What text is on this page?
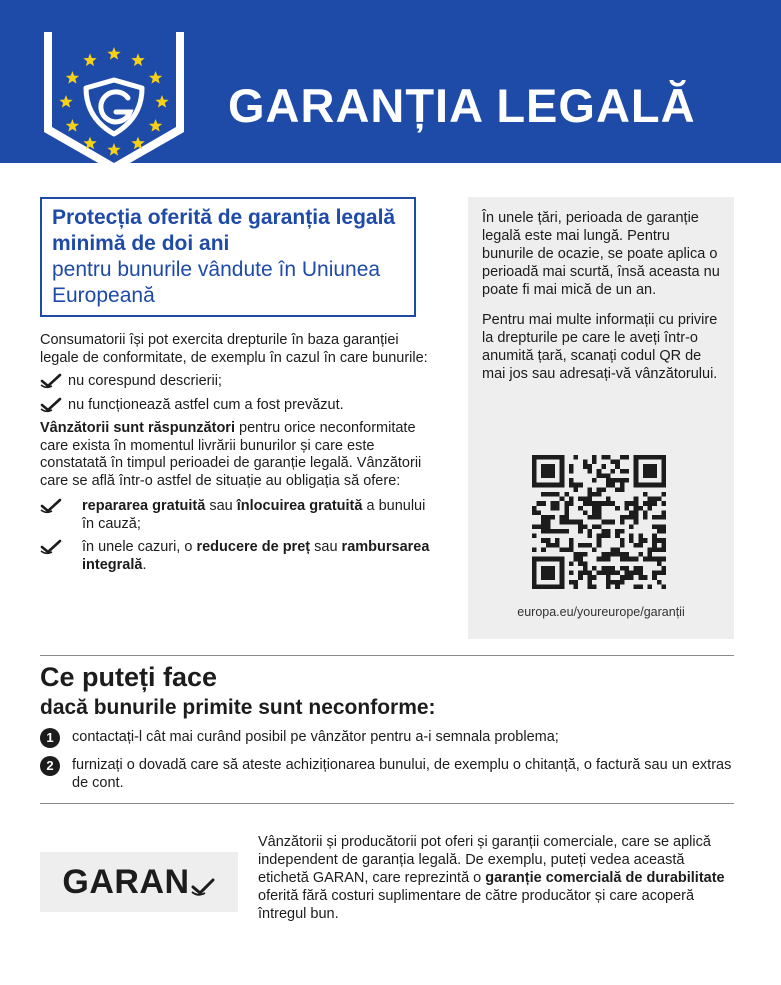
GARANȚIA LEGALĂ
Protecția oferită de garanția legală minimă de doi ani
pentru bunurile vândute în Uniunea Europeană

Consumatorii își pot exercita drepturile în baza garanției legale de conformitate, de exemplu în cazul în care bunurile:

nu corespund descrierii;
nu funcționează astfel cum a fost prevăzut.

Vânzătorii sunt răspunzători pentru orice neconformitate care exista în momentul livrării bunurilor și care este constatată în timpul perioadei de garanție legală. Vânzătorii care se află într-o astfel de situație au obligația să ofere:

repararea gratuită sau înlocuirea gratuită a bunului în cauză;
în unele cazuri, o reducere de preț sau rambursarea integrală.

În unele țări, perioada de garanție legală este mai lungă. Pentru bunurile de ocazie, se poate aplica o perioadă mai scurtă, însă aceasta nu poate fi mai mică de un an.

Pentru mai multe informații cu privire la drepturile pe care le aveți într-o anumită țară, scanați codul QR de mai jos sau adresați-vă vânzătorului.

europa.eu/youreurope/garanții
Ce puteți face
dacă bunurile primite sunt neconforme:
1	contactați-l cât mai curând posibil pe vânzător pentru a-i semnala problema;
2	furnizați o dovadă care să ateste achiziționarea bunului, de exemplu o chitanță, o factură sau un extras de cont.
GARAN
Vânzătorii și producătorii pot oferi și garanții comerciale, care se aplică independent de garanția legală. De exemplu, puteți vedea această etichetă GARAN, care reprezintă o garanție comercială de durabilitate oferită fără costuri suplimentare de către producător și care acoperă întregul bun.
